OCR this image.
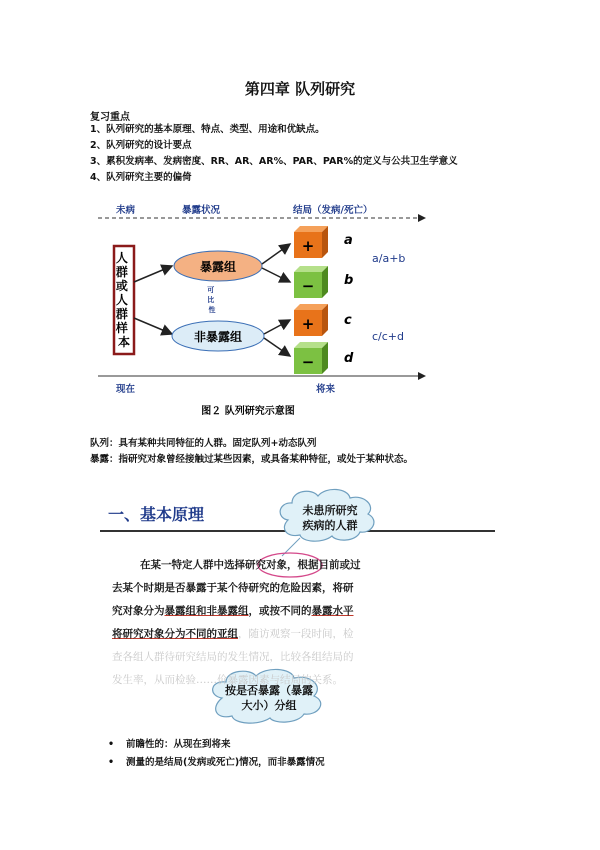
第四章 队列研究
复习重点
1、队列研究的基本原理、特点、类型、用途和优缺点。
2、队列研究的设计要点
3、累积发病率、发病密度、RR、AR、AR%、PAR、PAR%的定义与公共卫生学意义
4、队列研究主要的偏倚
未病	暴露状况	结局（发病/死亡）
人 群 或 人 群 样 本
暴露组
可 比 性
非暴露组
+
−
+
−
a
b
c
d
a/a+b
c/c+d
现在	将来
图２ 队列研究示意图
队列：具有某种共同特征的人群。固定队列+动态队列
暴露：指研究对象曾经接触过某些因素，或具备某种特征，或处于某种状态。
一、基本原理	未患所研究
疾病的人群
按是否暴露（暴露
大小）分组
在某一特定人群中选择研究对象，根据目前或过
去某个时期是否暴露于某个待研究的危险因素，将研
究对象分为暴露组和非暴露组，或按不同的暴露水平
将研究对象分为不同的亚组，随访观察一段时间，检
查各组人群待研究结局的发生情况，比较各组结局的
发生率，从而检验……价暴露因素与结局的关系。
• 前瞻性的：从现在到将来
• 测量的是结局(发病或死亡)情况，而非暴露情况
